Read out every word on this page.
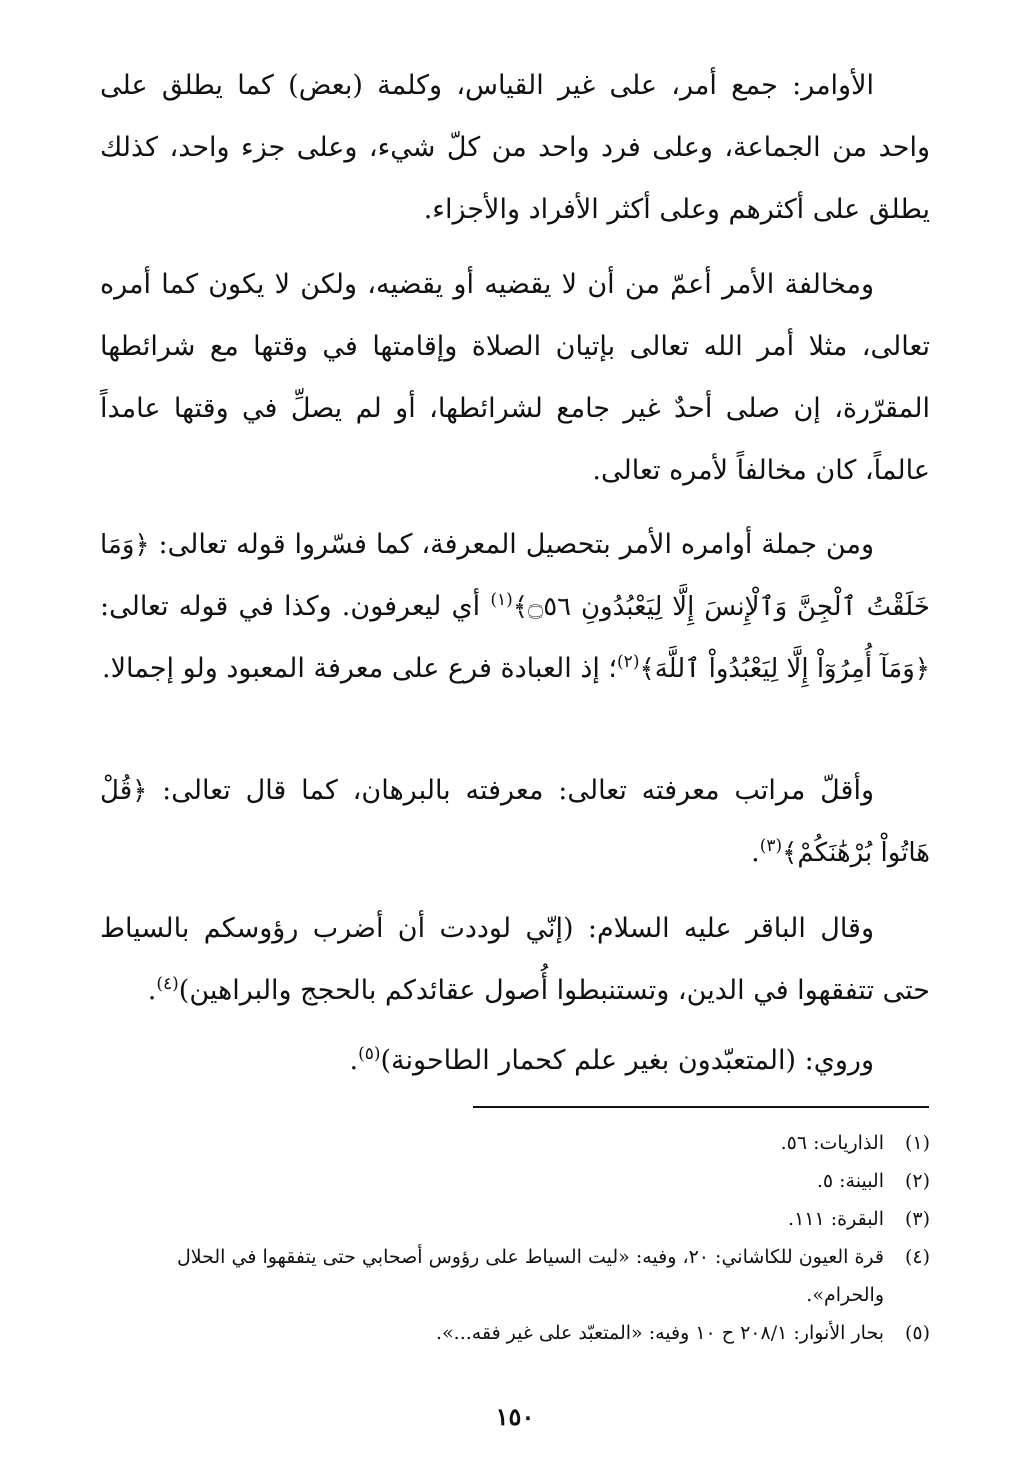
الأوامر: جمع أمر، على غير القياس، وكلمة (بعض) كما يطلق على واحد من الجماعة، وعلى فرد واحد من كلّ شيء، وعلى جزء واحد، كذلك يطلق على أكثرهم وعلى أكثر الأفراد والأجزاء.

ومخالفة الأمر أعمّ من أن لا يقضيه أو يقضيه، ولكن لا يكون كما أمره تعالى، مثلا أمر الله تعالى بإتيان الصلاة وإقامتها في وقتها مع شرائطها المقرّرة، إن صلى أحدٌ غير جامع لشرائطها، أو لم يصلِّ في وقتها عامداً عالماً، كان مخالفاً لأمره تعالى.

ومن جملة أوامره الأمر بتحصيل المعرفة، كما فسّروا قوله تعالى: ﴿وَمَا خَلَقْتُ ٱلْجِنَّ وَٱلْإِنسَ إِلَّا لِيَعْبُدُونِ ۝٥٦﴾$^{(١)}$ أي ليعرفون. وكذا في قوله تعالى: ﴿وَمَآ أُمِرُوٓاْ إِلَّا لِيَعْبُدُواْ ٱللَّهَ﴾$^{(٢)}$؛ إذ العبادة فرع على معرفة المعبود ولو إجمالا.

وأقلّ مراتب معرفته تعالى: معرفته بالبرهان، كما قال تعالى: ﴿قُلْ هَاتُواْ بُرْهَٰنَكُمْ﴾$^{(٣)}$.

وقال الباقر عليه السلام: (إنّي لوددت أن أضرب رؤوسكم بالسياط حتى تتفقهوا في الدين، وتستنبطوا أُصول عقائدكم بالحجج والبراهين)$^{(٤)}$.

وروي: (المتعبّدون بغير علم كحمار الطاحونة)$^{(٥)}$.

(١)
الذاريات: ٥٦.
(٢)
البينة: ٥.
(٣)
البقرة: ١١١.
(٤)
قرة العيون للكاشاني: ٢٠، وفيه: «ليت السياط على رؤوس أصحابي حتى يتفقهوا في الحلال والحرام».
(٥)
بحار الأنوار: ٢٠٨/١ ح ١٠ وفيه: «المتعبّد على غير فقه...».
١٥٠
